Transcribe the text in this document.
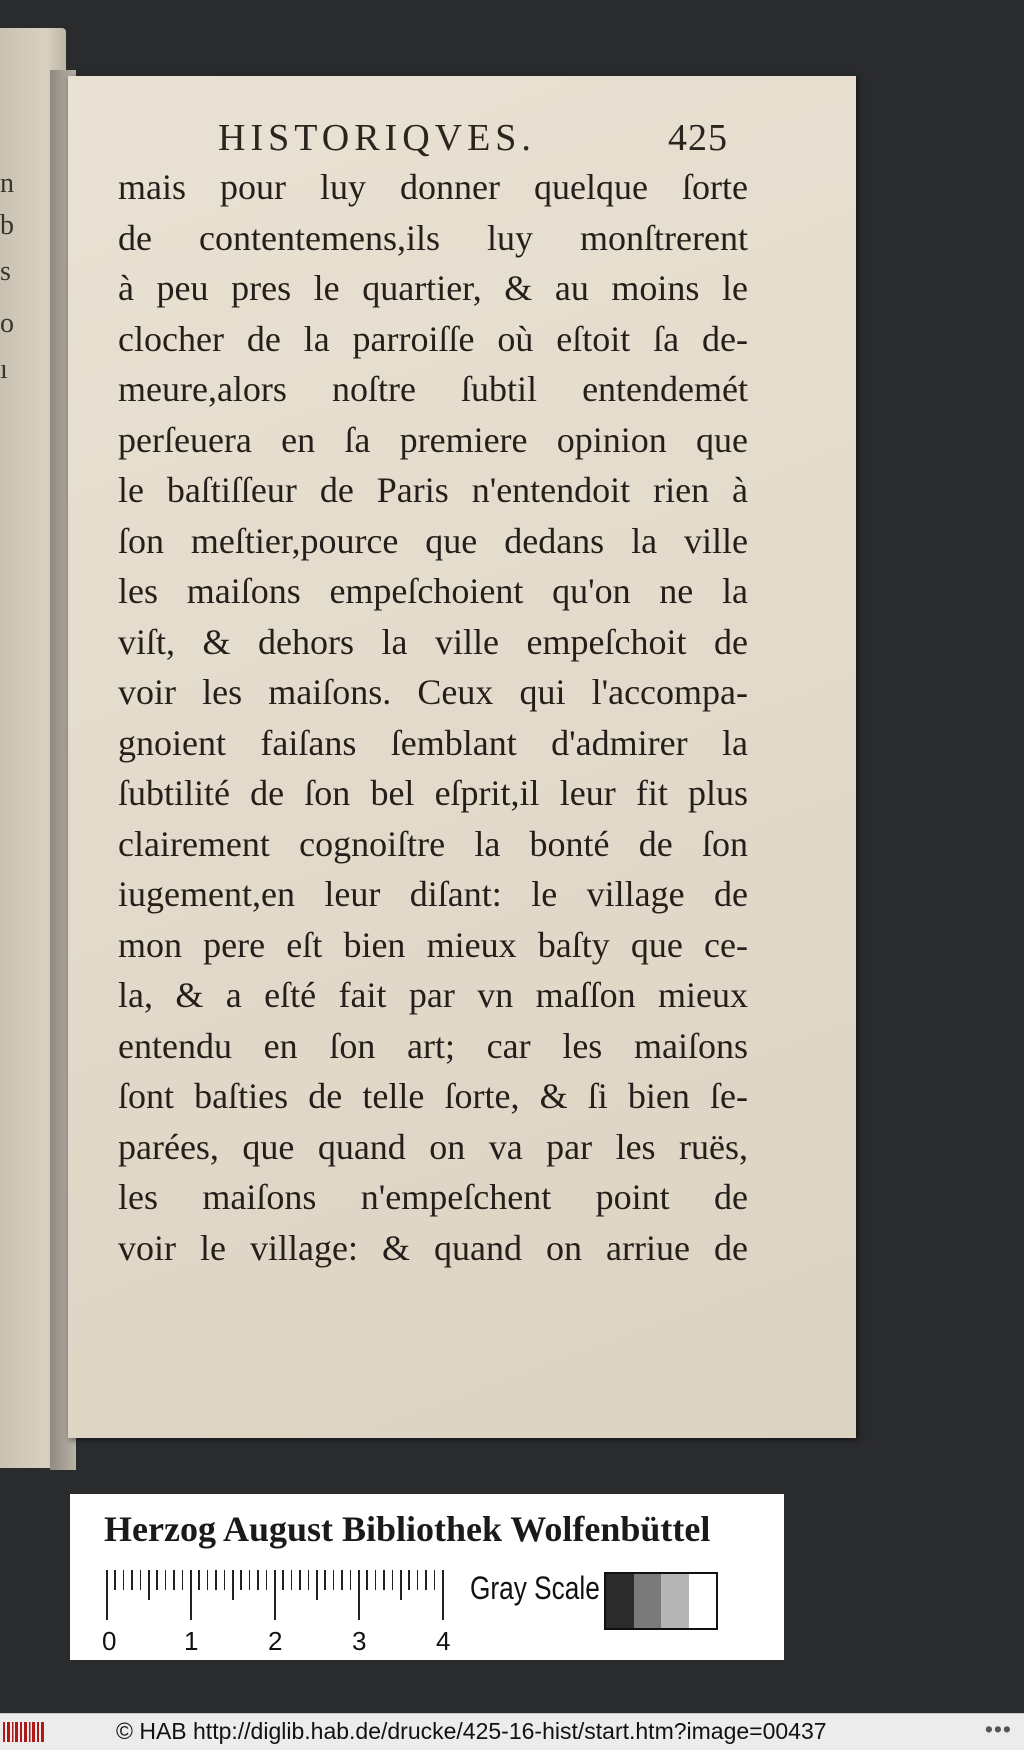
n
b
s
o
ı
HISTORIQVES.	425
mais pour luy donner quelque ſorte
de contentemens,ils luy monſtrerent
à peu pres le quartier, & au moins le
clocher de la parroiſſe où eſtoit ſa de-
meure,alors noſtre ſubtil entendemét
perſeuera en ſa premiere opinion que
le baſtiſſeur de Paris n'entendoit rien à
ſon meſtier,pource que dedans la ville
les maiſons empeſchoient qu'on ne la
viſt, & dehors la ville empeſchoit de
voir les maiſons. Ceux qui l'accompa-
gnoient faiſans ſemblant d'admirer la
ſubtilité de ſon bel eſprit,il leur fit plus
clairement cognoiſtre la bonté de ſon
iugement,en leur diſant: le village de
mon pere eſt bien mieux baſty que ce-
la, & a eſté fait par vn maſſon mieux
entendu en ſon art; car les maiſons
ſont baſties de telle ſorte, & ſi bien ſe-
parées, que quand on va par les ruës,
les maiſons n'empeſchent point de
voir le village: & quand on arriue de
Herzog August Bibliothek Wolfenbüttel
0	1	2	3	4
Gray Scale
© HAB http://diglib.hab.de/drucke/425-16-hist/start.htm?image=00437	•••
